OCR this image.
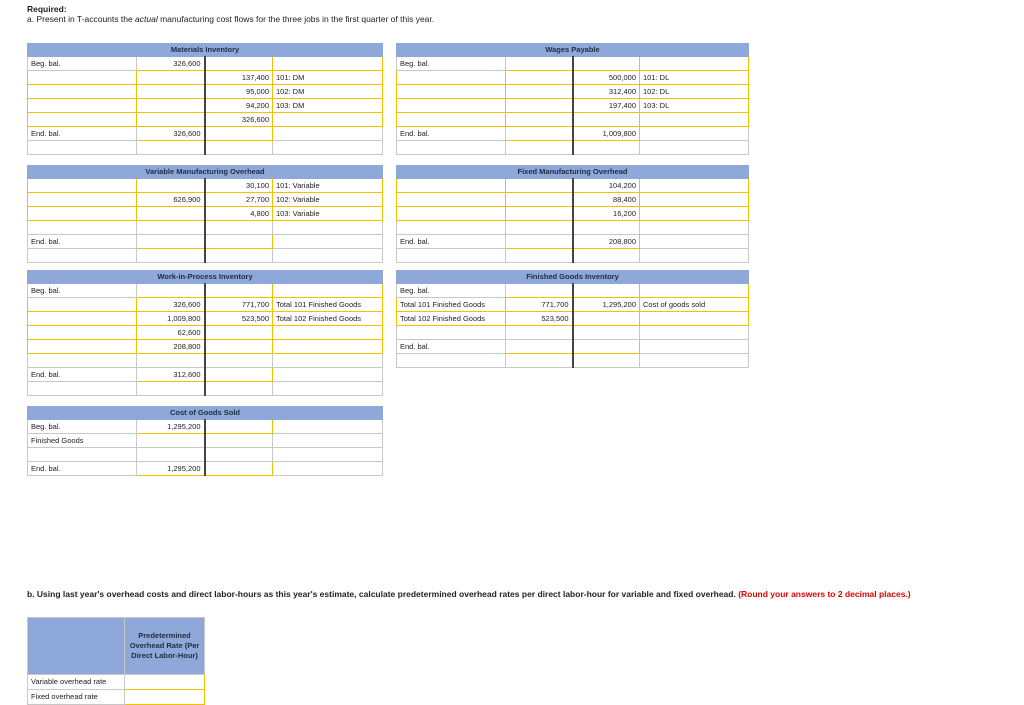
Required:
a. Present in T-accounts the actual manufacturing cost flows for the three jobs in the first quarter of this year.
Materials Inventory			
Beg. bal.	326,600		
		137,400	101: DM
		95,000	102: DM
		94,200	103: DM
		326,600	
End. bal.	326,600		

Wages Payable			
Beg. bal.			
		500,000	101: DL
		312,400	102: DL
		197,400	103: DL

End. bal.		1,009,800	

Variable Manufacturing Overhead			
		30,100	101: Variable
	626,900	27,700	102: Variable
		4,800	103: Variable

End. bal.			

Fixed Manufacturing Overhead			
		104,200	
		88,400	
		16,200	

End. bal.		208,800	

Work-in-Process Inventory			
Beg. bal.			
	326,600	771,700	Total 101 Finished Goods
	1,009,800	523,500	Total 102 Finished Goods
	62,600		
	208,800		

End. bal.	312,600		

Finished Goods Inventory			
Beg. bal.			
Total 101 Finished Goods	771,700	1,295,200	Cost of goods sold
Total 102 Finished Goods	523,500		

End. bal.			

Cost of Goods Sold			
Beg. bal.	1,295,200		
Finished Goods			

End. bal.	1,295,200		
b. Using last year's overhead costs and direct labor-hours as this year's estimate, calculate predetermined overhead rates per direct labor-hour for variable and fixed overhead. (Round your answers to 2 decimal places.)
	Predetermined Overhead Rate (Per Direct Labor-Hour)
Variable overhead rate	
Fixed overhead rate	
